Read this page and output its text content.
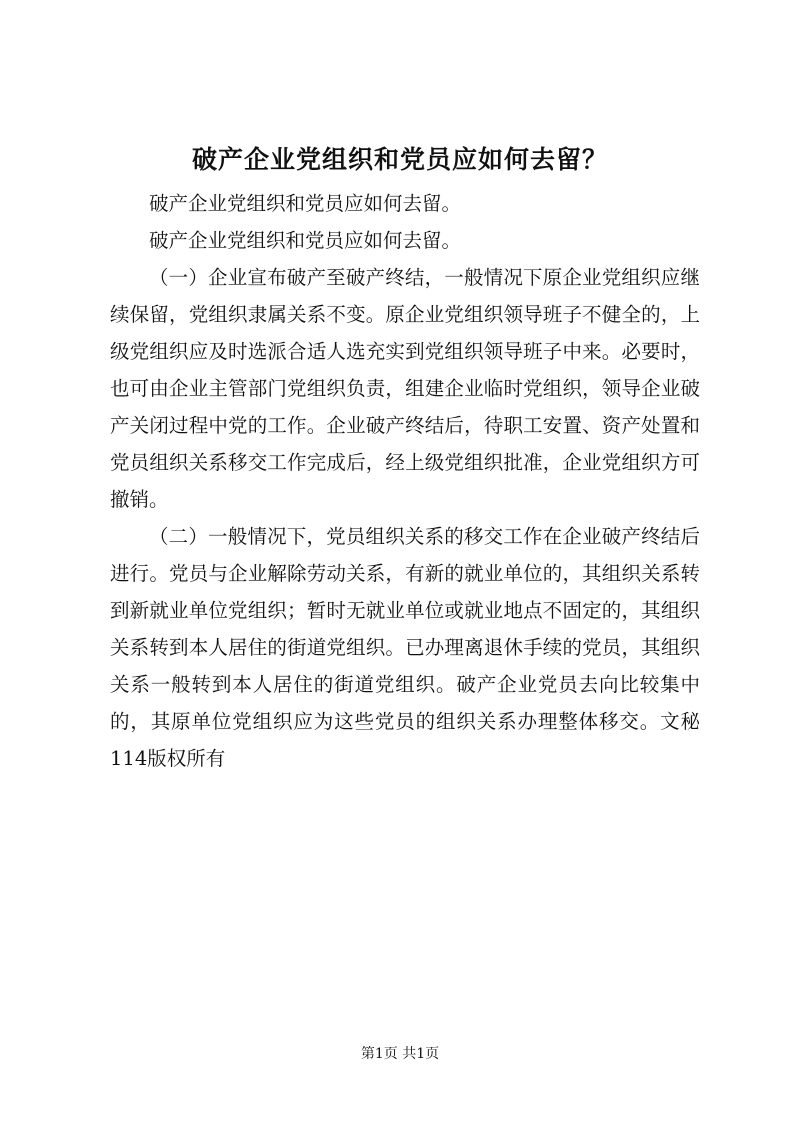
破产企业党组织和党员应如何去留？

破产企业党组织和党员应如何去留。

破产企业党组织和党员应如何去留。

（一）企业宣布破产至破产终结，一般情况下原企业党组织应继续保留，党组织隶属关系不变。原企业党组织领导班子不健全的，上级党组织应及时选派合适人选充实到党组织领导班子中来。必要时，也可由企业主管部门党组织负责，组建企业临时党组织，领导企业破产关闭过程中党的工作。企业破产终结后，待职工安置、资产处置和党员组织关系移交工作完成后，经上级党组织批准，企业党组织方可撤销。

（二）一般情况下，党员组织关系的移交工作在企业破产终结后进行。党员与企业解除劳动关系，有新的就业单位的，其组织关系转到新就业单位党组织；暂时无就业单位或就业地点不固定的，其组织关系转到本人居住的街道党组织。已办理离退休手续的党员，其组织关系一般转到本人居住的街道党组织。破产企业党员去向比较集中的，其原单位党组织应为这些党员的组织关系办理整体移交。文秘114版权所有

第1页 共1页
